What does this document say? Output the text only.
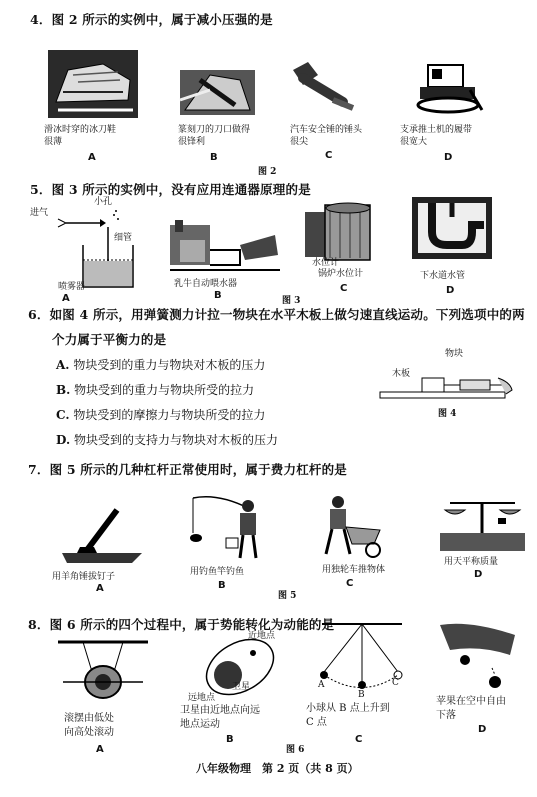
4．图 2 所示的实例中，属于减小压强的是
滑冰时穿的冰刀鞋
很薄
A
篆刻刀的刀口做得
很锋利
B
汽车安全锤的锤头
很尖
C
支承推土机的履带
很宽大
D
图 2
5．图 3 所示的实例中，没有应用连通器原理的是
进气
小孔
细管
水位计
喷雾器
A
乳牛自动喂水器
B	图 3
锅炉水位计
C
下水道水管
D
6．如图 4 所示，用弹簧测力计拉一物块在水平木板上做匀速直线运动。下列选项中的两
个力属于平衡力的是
A. 物块受到的重力与物块对木板的压力
B. 物块受到的重力与物块所受的拉力
C. 物块受到的摩擦力与物块所受的拉力
D. 物块受到的支持力与物块对木板的压力
木板
物块
图 4
7．图 5 所示的几种杠杆正常使用时，属于费力杠杆的是
用羊角锤拔钉子
A
用钓鱼竿钓鱼
B
图 5
用独轮车推物体
C
用天平称质量
D
8．图 6 所示的四个过程中，属于势能转化为动能的是
近地点
卫星
远地点
A
B
C
滚摆由低处
向高处滚动
A
卫星由近地点向远
地点运动
B
图 6
小球从 B 点上升到
C 点
C
苹果在空中自由
下落
D
八年级物理　第 2 页（共 8 页）
